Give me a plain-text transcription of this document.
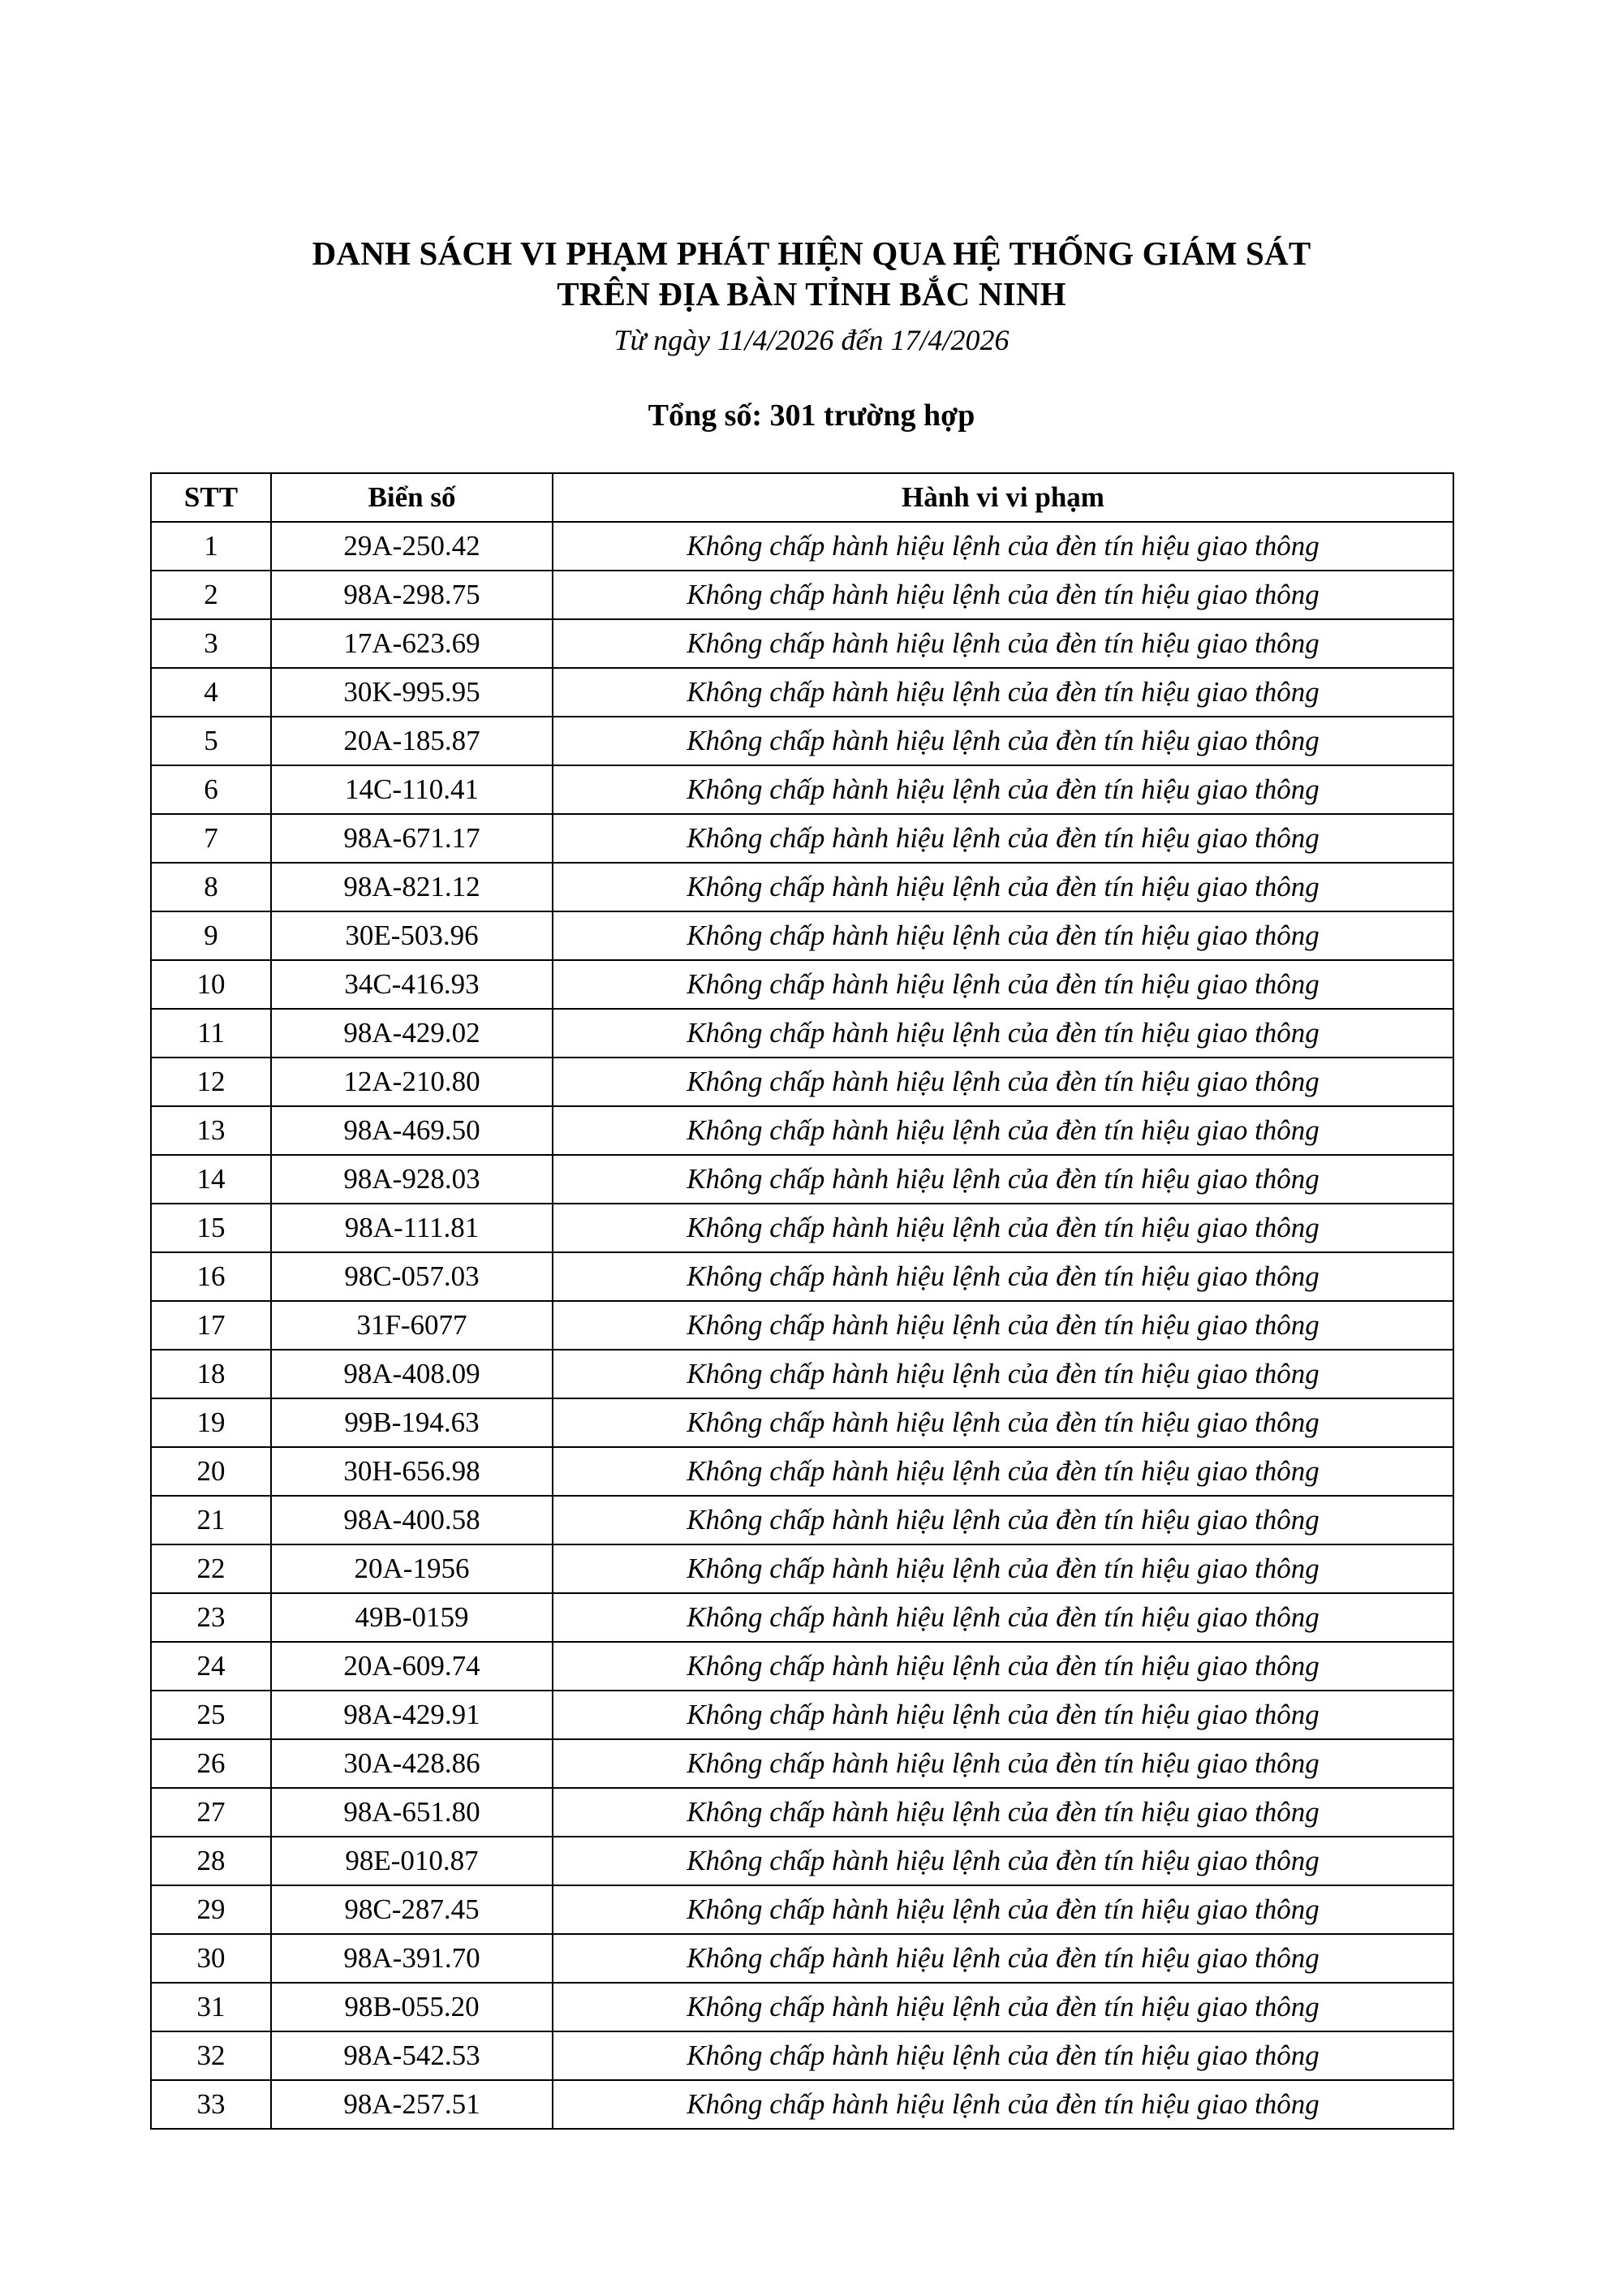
DANH SÁCH VI PHẠM PHÁT HIỆN QUA HỆ THỐNG GIÁM SÁT
TRÊN ĐỊA BÀN TỈNH BẮC NINH
Từ ngày 11/4/2026 đến 17/4/2026
Tổng số: 301 trường hợp
STT	Biển số	Hành vi vi phạm
1	29A-250.42	Không chấp hành hiệu lệnh của đèn tín hiệu giao thông
2	98A-298.75	Không chấp hành hiệu lệnh của đèn tín hiệu giao thông
3	17A-623.69	Không chấp hành hiệu lệnh của đèn tín hiệu giao thông
4	30K-995.95	Không chấp hành hiệu lệnh của đèn tín hiệu giao thông
5	20A-185.87	Không chấp hành hiệu lệnh của đèn tín hiệu giao thông
6	14C-110.41	Không chấp hành hiệu lệnh của đèn tín hiệu giao thông
7	98A-671.17	Không chấp hành hiệu lệnh của đèn tín hiệu giao thông
8	98A-821.12	Không chấp hành hiệu lệnh của đèn tín hiệu giao thông
9	30E-503.96	Không chấp hành hiệu lệnh của đèn tín hiệu giao thông
10	34C-416.93	Không chấp hành hiệu lệnh của đèn tín hiệu giao thông
11	98A-429.02	Không chấp hành hiệu lệnh của đèn tín hiệu giao thông
12	12A-210.80	Không chấp hành hiệu lệnh của đèn tín hiệu giao thông
13	98A-469.50	Không chấp hành hiệu lệnh của đèn tín hiệu giao thông
14	98A-928.03	Không chấp hành hiệu lệnh của đèn tín hiệu giao thông
15	98A-111.81	Không chấp hành hiệu lệnh của đèn tín hiệu giao thông
16	98C-057.03	Không chấp hành hiệu lệnh của đèn tín hiệu giao thông
17	31F-6077	Không chấp hành hiệu lệnh của đèn tín hiệu giao thông
18	98A-408.09	Không chấp hành hiệu lệnh của đèn tín hiệu giao thông
19	99B-194.63	Không chấp hành hiệu lệnh của đèn tín hiệu giao thông
20	30H-656.98	Không chấp hành hiệu lệnh của đèn tín hiệu giao thông
21	98A-400.58	Không chấp hành hiệu lệnh của đèn tín hiệu giao thông
22	20A-1956	Không chấp hành hiệu lệnh của đèn tín hiệu giao thông
23	49B-0159	Không chấp hành hiệu lệnh của đèn tín hiệu giao thông
24	20A-609.74	Không chấp hành hiệu lệnh của đèn tín hiệu giao thông
25	98A-429.91	Không chấp hành hiệu lệnh của đèn tín hiệu giao thông
26	30A-428.86	Không chấp hành hiệu lệnh của đèn tín hiệu giao thông
27	98A-651.80	Không chấp hành hiệu lệnh của đèn tín hiệu giao thông
28	98E-010.87	Không chấp hành hiệu lệnh của đèn tín hiệu giao thông
29	98C-287.45	Không chấp hành hiệu lệnh của đèn tín hiệu giao thông
30	98A-391.70	Không chấp hành hiệu lệnh của đèn tín hiệu giao thông
31	98B-055.20	Không chấp hành hiệu lệnh của đèn tín hiệu giao thông
32	98A-542.53	Không chấp hành hiệu lệnh của đèn tín hiệu giao thông
33	98A-257.51	Không chấp hành hiệu lệnh của đèn tín hiệu giao thông
